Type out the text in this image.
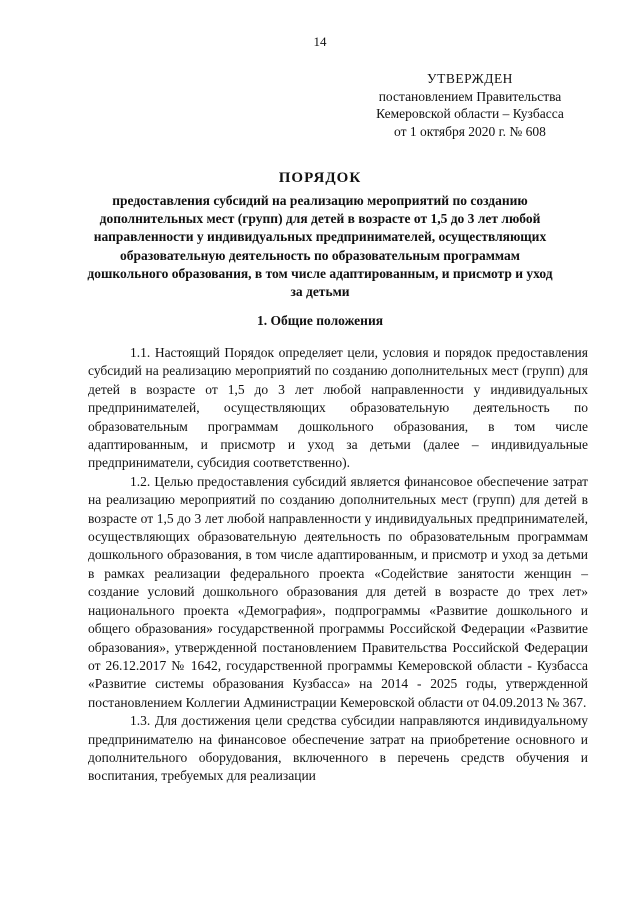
14
УТВЕРЖДЕН
постановлением Правительства
Кемеровской области – Кузбасса
от 1 октября 2020 г. № 608
ПОРЯДОК
предоставления субсидий на реализацию мероприятий по созданию дополнительных мест (групп) для детей в возрасте от 1,5 до 3 лет любой направленности у индивидуальных предпринимателей, осуществляющих образовательную деятельность по образовательным программам дошкольного образования, в том числе адаптированным, и присмотр и уход за детьми
1. Общие положения

1.1. Настоящий Порядок определяет цели, условия и порядок предоставления субсидий на реализацию мероприятий по созданию дополнительных мест (групп) для детей в возрасте от 1,5 до 3 лет любой направленности у индивидуальных предпринимателей, осуществляющих образовательную деятельность по образовательным программам дошкольного образования, в том числе адаптированным, и присмотр и уход за детьми (далее – индивидуальные предприниматели, субсидия соответственно).

1.2. Целью предоставления субсидий является финансовое обеспечение затрат на реализацию мероприятий по созданию дополнительных мест (групп) для детей в возрасте от 1,5 до 3 лет любой направленности у индивидуальных предпринимателей, осуществляющих образовательную деятельность по образовательным программам дошкольного образования, в том числе адаптированным, и присмотр и уход за детьми в рамках реализации федерального проекта «Содействие занятости женщин – создание условий дошкольного образования для детей в возрасте до трех лет» национального проекта «Демография», подпрограммы «Развитие дошкольного и общего образования» государственной программы Российской Федерации «Развитие образования», утвержденной постановлением Правительства Российской Федерации от 26.12.2017 № 1642, государственной программы Кемеровской области - Кузбасса «Развитие системы образования Кузбасса» на 2014 - 2025 годы, утвержденной постановлением Коллегии Администрации Кемеровской области от 04.09.2013 № 367.

1.3. Для достижения цели средства субсидии направляются индивидуальному предпринимателю на финансовое обеспечение затрат на приобретение основного и дополнительного оборудования, включенного в перечень средств обучения и воспитания, требуемых для реализации
